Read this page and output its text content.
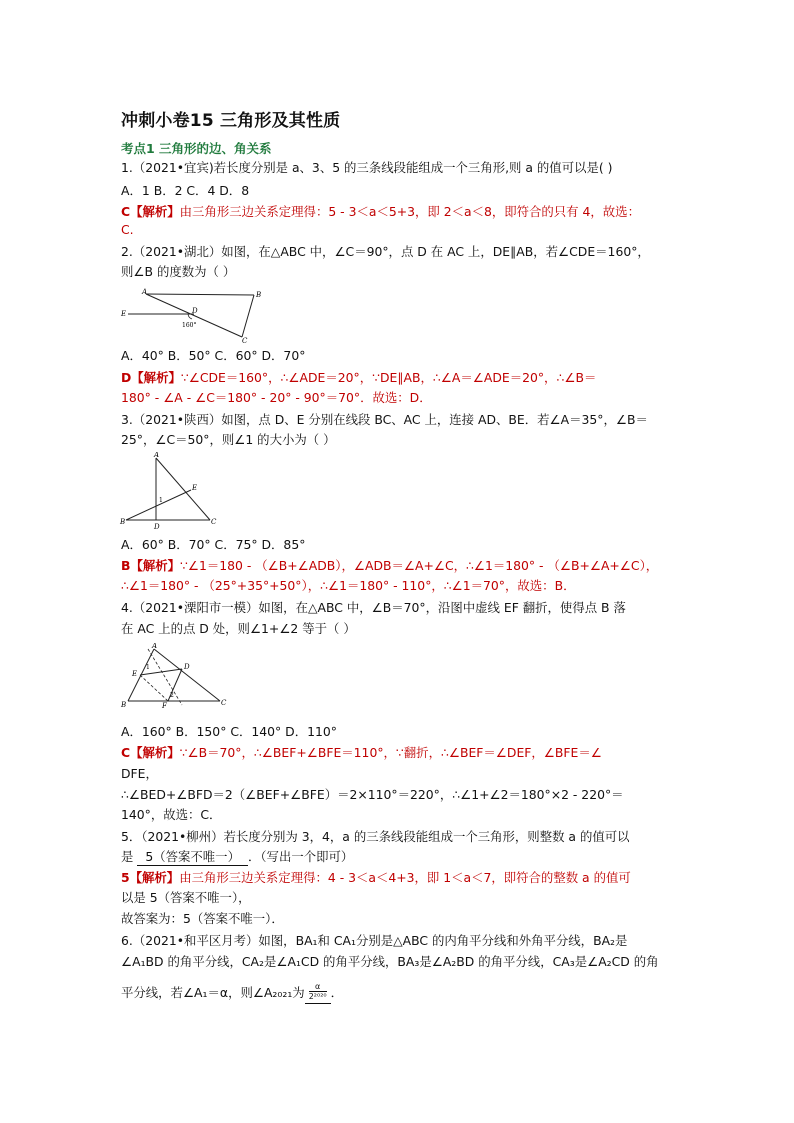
冲刺小卷15 三角形及其性质
考点1 三角形的边、角关系
1.（2021•宜宾)若长度分别是 a、3、5 的三条线段能组成一个三角形,则 a 的值可以是( )
A．1 B．2 C．4 D．8
C【解析】由三角形三边关系定理得：5 - 3＜a＜5+3，即 2＜a＜8，即符合的只有 4，故选：
C.
2.（2021•湖北）如图，在△ABC 中，∠C＝90°，点 D 在 AC 上，DE∥AB，若∠CDE＝160°，
则∠B 的度数为（ ）
A	B
C
D
E
160°
A．40° B．50° C．60° D．70°
D【解析】∵∠CDE＝160°，∴∠ADE＝20°，∵DE∥AB，∴∠A＝∠ADE＝20°，∴∠B＝
180° - ∠A - ∠C＝180° - 20° - 90°＝70°．故选：D．
3.（2021•陕西）如图，点 D、E 分别在线段 BC、AC 上，连接 AD、BE．若∠A＝35°，∠B＝
25°，∠C＝50°，则∠1 的大小为（ ）
A
B	C
D
E
1
A．60° B．70° C．75° D．85°
B【解析】∵∠1＝180 - （∠B+∠ADB），∠ADB＝∠A+∠C，∴∠1＝180° - （∠B+∠A+∠C），
∴∠1＝180° - （25°+35°+50°），∴∠1＝180° - 110°，∴∠1＝70°，故选：B．
4.（2021•溧阳市一模）如图，在△ABC 中，∠B＝70°，沿图中虚线 EF 翻折，使得点 B 落
在 AC 上的点 D 处，则∠1+∠2 等于（ ）
A
B	C
D
E
F
1
2
A．160° B．150° C．140° D．110°
C【解析】∵∠B＝70°，∴∠BEF+∠BFE＝110°，∵翻折，∴∠BEF＝∠DEF，∠BFE＝∠
DFE，
∴∠BED+∠BFD＝2（∠BEF+∠BFE）＝2×110°＝220°，∴∠1+∠2＝180°×2 - 220°＝
140°，故选：C．
5．（2021•柳州）若长度分别为 3，4，a 的三条线段能组成一个三角形，则整数 a 的值可以
是 5（答案不唯一） ．（写出一个即可）
5【解析】由三角形三边关系定理得：4 - 3＜a＜4+3，即 1＜a＜7，即符合的整数 a 的值可
以是 5（答案不唯一），
故答案为：5（答案不唯一）．
6.（2021•和平区月考）如图，BA₁和 CA₁分别是△ABC 的内角平分线和外角平分线，BA₂是
∠A₁BD 的角平分线，CA₂是∠A₁CD 的角平分线，BA₃是∠A₂BD 的角平分线，CA₃是∠A₂CD 的角
平分线，若∠A₁＝α，则∠A₂₀₂₁为 $\frac{\alpha}{\text{2²⁰²⁰}}$ ．
